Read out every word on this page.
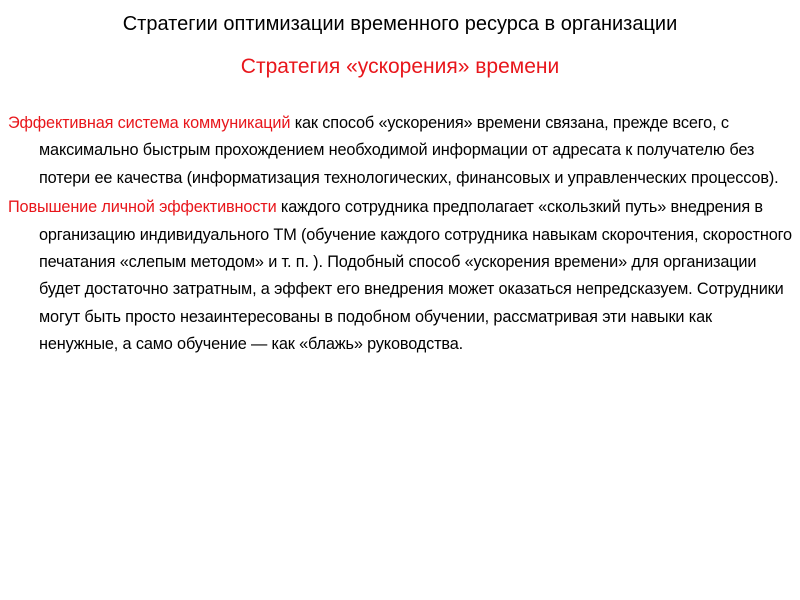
Стратегии оптимизации временного ресурса в организации
Стратегия «ускорения» времени

Эффективная система коммуникаций как способ «ускорения» времени связана, прежде всего, с максимально быстрым прохождением необходимой информации от адресата к получателю без потери ее качества (информатизация технологических, финансовых и управленческих процессов).

Повышение личной эффективности каждого сотрудника предполагает «скользкий путь» внедрения в организацию индивидуального ТМ (обучение каждого сотрудника навыкам скорочтения, скоростного печатания «слепым методом» и т. п. ). Подобный способ «ускорения времени» для организации будет достаточно затратным, а эффект его внедрения может оказаться непредсказуем. Сотрудники могут быть просто незаинтересованы в подобном обучении, рассматривая эти навыки как ненужные, а само обучение — как «блажь» руководства.
